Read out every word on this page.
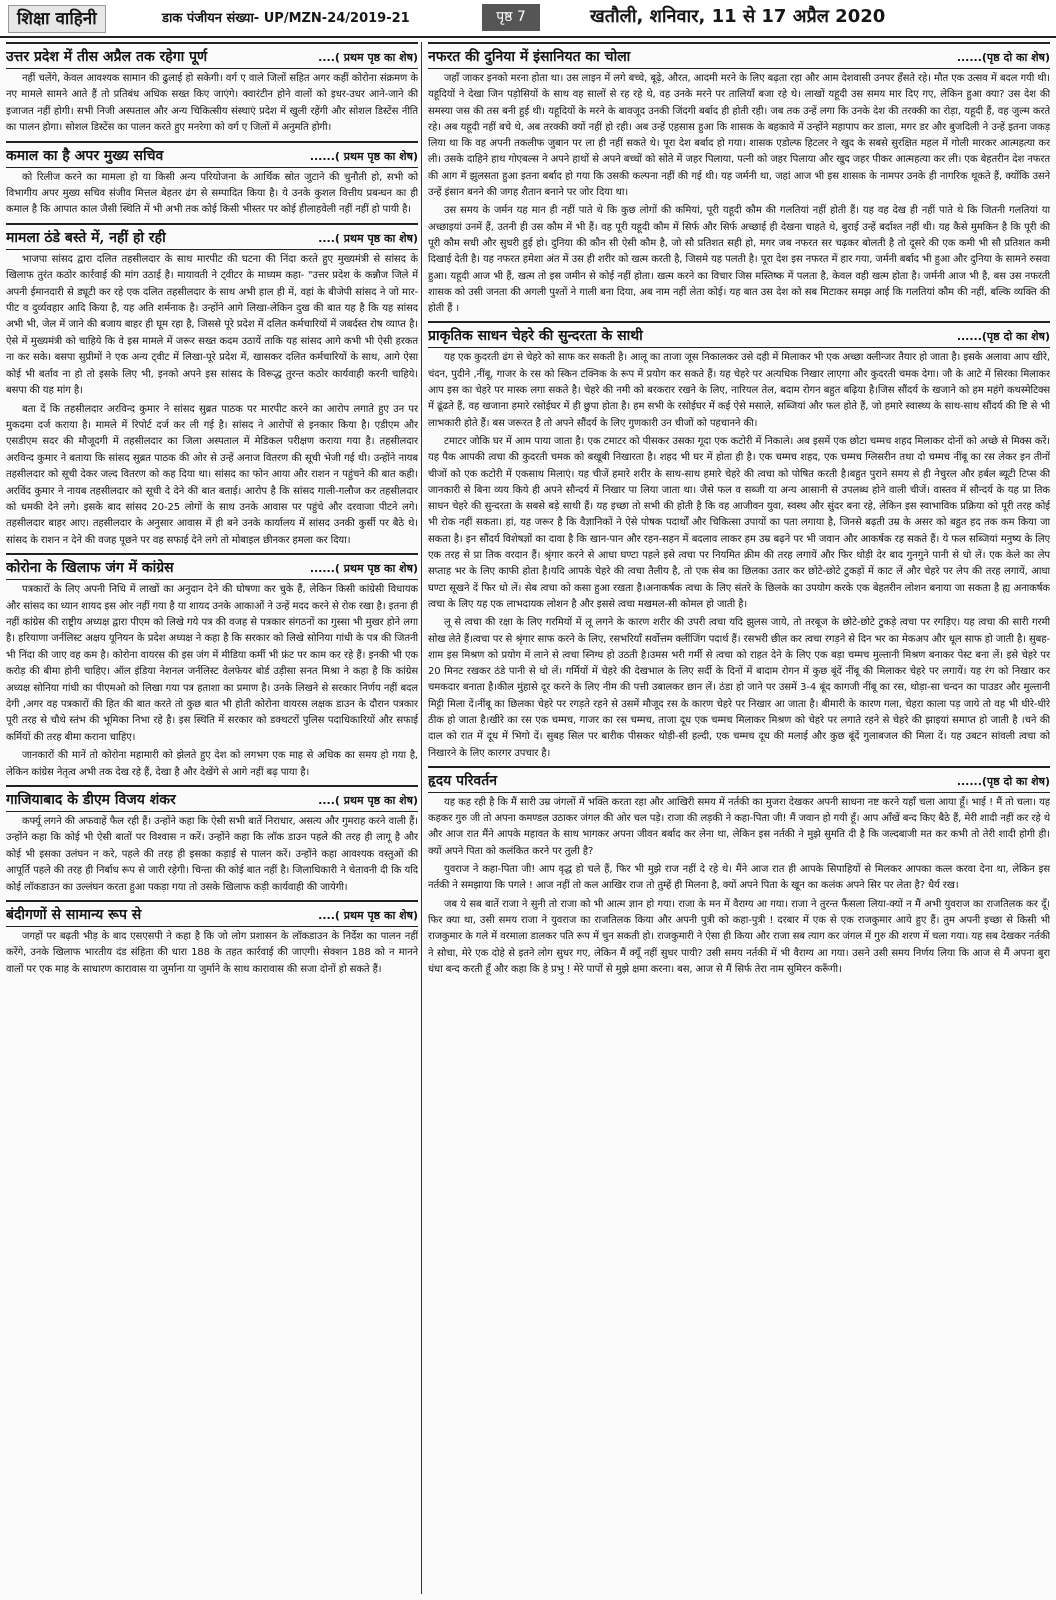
शिक्षा वाहिनी	डाक पंजीयन संख्या- UP/MZN-24/2019-21	पृष्ठ 7	खतौली, शनिवार, 11 से 17 अप्रैल 2020
उत्तर प्रदेश में तीस अप्रैल तक रहेगा पूर्ण	....( प्रथम पृष्ठ का शेष)

नहीं चलेंगे, केवल आवश्यक सामान की ढुलाई हो सकेगी। वर्ग ए वाले जिलों सहित अगर कहीं कोरोना संक्रमण के नए मामले सामने आते हैं तो प्रतिबंध अधिक सख्त किए जाएंगे। क्वारंटीन होने वालों को इधर-उधर आने-जाने की इजाजत नहीं होगी। सभी निजी अस्पताल और अन्य चिकित्सीय संस्थाएं प्रदेश में खुली रहेंगी और सोशल डिस्टेंस नीति का पालन होगा। सोशल डिस्टेंस का पालन करते हुए मनरेगा को वर्ग ए जिलों में अनुमति होगी।

कमाल का है अपर मुख्य सचिव	......( प्रथम पृष्ठ का शेष)

को रिलीज करने का मामला हो या किसी अन्य परियोजना के आर्थिक स्रोत जुटाने की चुनौती हो, सभी को विभागीय अपर मुख्य सचिव संजीव मित्तल बेहतर ढंग से सम्पादित किया है। ये उनके कुशल वित्तीय प्रबन्धन का ही कमाल है कि आपात काल जैसी स्थिति में भी अभी तक कोई किसी भीस्तर पर कोई हीलाहवेली नहीं नहीं हो पायी है।

मामला ठंडे बस्ते में, नहीं हो रही	....( प्रथम पृष्ठ का शेष)

भाजपा सांसद द्वारा दलित तहसीलदार के साथ मारपीट की घटना की निंदा करते हुए मुख्यमंत्री से सांसद के खिलाफ तुरंत कठोर कार्रवाई की मांग उठाई है। मायावती ने ट्वीटर के माध्यम कहा- "उत्तर प्रदेश के कन्नौज जिले में अपनी ईमानदारी से ड्यूटी कर रहे एक दलित तहसीलदार के साथ अभी हाल ही में, वहां के बीजेपी सांसद ने जो मार-पीट व दुर्व्यवहार आदि किया है, यह अति शर्मनाक है। उन्होंने आगे लिखा-लेकिन दुख की बात यह है कि यह सांसद अभी भी, जेल में जाने की बजाय बाहर ही घूम रहा है, जिससे पूरे प्रदेश में दलित कर्मचारियों में जबर्दस्त रोष व्याप्त है। ऐसे में मुख्यमंत्री को चाहिये कि वे इस मामले में जरूर सख्त कदम उठायें ताकि यह सांसद आगे कभी भी ऐसी हरकत ना कर सके। बसपा सुप्रीमों ने एक अन्य ट्वीट में लिखा-पूरे प्रदेश में, खासकर दलित कर्मचारियों के साथ, आगे ऐसा कोई भी बर्ताव ना हो तो इसके लिए भी, इनको अपने इस सांसद के विरूद्ध तुरन्त कठोर कार्यवाही करनी चाहिये। बसपा की यह मांग है।

बता दें कि तहसीलदार अरविन्द कुमार ने सांसद सुब्रत पाठक पर मारपीट करने का आरोप लगाते हुए उन पर मुकदमा दर्ज कराया है। मामले में रिपोर्ट दर्ज कर ली गई है। सांसद ने आरोपों से इनकार किया है। एडीएम और एसडीएम सदर की मौजूदगी में तहसीलदार का जिला अस्पताल में मेडिकल परीक्षण कराया गया है। तहसीलदार अरविन्द कुमार ने बताया कि सांसद सुब्रत पाठक की ओर से उन्हें अनाज वितरण की सूची भेजी गई थी। उन्होंने नायब तहसीलदार को सूची देकर जल्द वितरण को कह दिया था। सांसद का फोन आया और राशन न पहुंचने की बात कही। अरविंद कुमार ने नायब तहसीलदार को सूची दे देने की बात बताई। आरोप है कि सांसद गाली-गलौज कर तहसीलदार को धमकी देने लगे। इसके बाद सांसद 20-25 लोगों के साथ उनके आवास पर पहुंचे और दरवाजा पीटने लगे। तहसीलदार बाहर आए। तहसीलदार के अनुसार आवास में ही बने उनके कार्यालय में सांसद उनकी कुर्सी पर बैठे थे। सांसद के राशन न देने की वजह पूछने पर वह सफाई देने लगे तो मोबाइल छीनकर हमला कर दिया।

कोरोना के खिलाफ जंग में कांग्रेस	......( प्रथम पृष्ठ का शेष)

पत्रकारों के लिए अपनी निधि में लाखों का अनुदान देने की घोषणा कर चुके हैं, लेकिन किसी कांग्रेसी विधायक और सांसद का ध्यान शायद इस ओर नहीं गया है या शायद उनके आकाओं ने उन्हें मदद करने से रोक रखा है। इतना ही नहीं कांग्रेस की राष्ट्रीय अध्यक्ष द्वारा पीएम को लिखे गये पत्र की वजह से पत्रकार संगठनों का गुस्सा भी मुखर होने लगा है। हरियाणा जर्नलिस्ट अक्षय यूनियन के प्रदेश अध्यक्ष ने कहा है कि सरकार को लिखे सोनिया गांधी के पत्र की जितनी भी निंदा की जाए वह कम है। कोरोना वायरस की इस जंग में मीडिया कर्मी भी फ्रंट पर काम कर रहे हैं। इनकी भी एक करोड़ की बीमा होनी चाहिए। ऑल इंडिया नेशनल जर्नलिस्ट वेलफेयर बोर्ड उड़ीसा सनत मिश्रा ने कहा है कि कांग्रेस अध्यक्ष सोनिया गांधी का पीएमओ को लिखा गया पत्र हताशा का प्रमाण है। उनके लिखने से सरकार निर्णय नहीं बदल देगी ,अगर वह पत्रकारों की हित की बात करते तो कुछ बात भी होती कोरोना वायरस लक्षक डाउन के दौरान पत्रकार पूरी तरह से चौथे स्तंभ की भूमिका निभा रहे है। इस स्थिति में सरकार को डक्थटरों पुलिस पदाधिकारियों और सफाई कर्मियों की तरह बीमा कराना चाहिए।

जानकारों की मानें तो कोरोना महामारी को झेलते हुए देश को लगभग एक माह से अधिक का समय हो गया है, लेकिन कांग्रेस नेतृत्व अभी तक देख रहे हैं, देखा है और देखेंगे से आगे नहीं बढ़ पाया है।

गाजियाबाद के डीएम विजय शंकर	....( प्रथम पृष्ठ का शेष)

कर्फ्यू लगने की अफवाहें फैल रही हैं। उन्होंने कहा कि ऐसी सभी बातें निराधार, असत्य और गुमराह करने वाली हैं। उन्होंने कहा कि कोई भी ऐसी बातों पर विश्वास न करें। उन्होंने कहा कि लॉक डाउन पहले की तरह ही लागू है और कोई भी इसका उलंघन न करे, पहले की तरह ही इसका कड़ाई से पालन करें। उन्होंने कहा आवश्यक वस्तुओं की आपूर्ति पहले की तरह ही निर्बाध रूप से जारी रहेगी। चिन्ता की कोई बात नहीं है। जिलाधिकारी ने चेतावनी दी कि यदि कोई लॉकडाउन का उल्लंघन करता हुआ पकड़ा गया तो उसके खिलाफ कड़ी कार्यवाही की जायेगी।

बंदीगणों से सामान्य रूप से	....( प्रथम पृष्ठ का शेष)

जगहों पर बढ़ती भीड़ के बाद एसएसपी ने कहा है कि जो लोग प्रशासन के लॉकडाउन के निर्देश का पालन नहीं करेंगे, उनके खिलाफ भारतीय दंड संहिता की धारा 188 के तहत कार्रवाई की जाएगी। सेक्शन 188 को न मानने वालों पर एक माह के साधारण कारावास या जुर्माना या जुर्माने के साथ कारावास की सजा दोनों हो सकते हैं।

नफरत की दुनिया में इंसानियत का चोला	......(पृष्ठ दो का शेष)

जहाँ जाकर इनको मरना होता था। उस लाइन में लगे बच्चे, बूढ़े, औरत, आदमी मरने के लिए बढ़ता रहा और आम देशवासी उनपर हँसते रहे। मौत एक उत्सव में बदल गयी थी। यहूदियों ने देखा जिन पड़ोसियों के साथ वह सालों से रह रहे थे, वह उनके मरने पर तालियाँ बजा रहे थे। लाखों यहूदी उस समय मार दिए गए, लेकिन हुआ क्या? उस देश की समस्या जस की तस बनी हुई थी। यहूदियों के मरने के बावजूद उनकी जिंदगी बर्बाद ही होती रही। जब तक उन्हें लगा कि उनके देश की तरक्की का रोड़ा, यहूदी हैं, वह जुल्म करते रहे। अब यहूदी नहीं बचे थे, अब तरक्की क्यों नहीं हो रही। अब उन्हें एहसास हुआ कि शासक के बहकावे में उन्होंने महापाप कर डाला, मगर डर और बुजदिली ने उन्हें इतना जकड़ लिया था कि वह अपनी तकलीफ जुबान पर ला ही नहीं सकते थे। पूरा देश बर्बाद हो गया। शासक एडोल्फ हिटलर ने खुद के सबसे सुरक्षित महल में गोली मारकर आत्महत्या कर ली। उसके दाहिने हाथ गोएबल्स ने अपने हाथों से अपने बच्चों को सोते में जहर पिलाया, पत्नी को जहर पिलाया और खुद जहर पीकर आत्महत्या कर ली। एक बेहतरीन देश नफरत की आग में झुलसता हुआ इतना बर्बाद हो गया कि उसकी कल्पना नहीं की गई थी। यह जर्मनी था, जहां आज भी इस शासक के नामपर उनके ही नागरिक थूकते हैं, क्योंकि उसने उन्हें इंसान बनने की जगह शैतान बनाने पर जोर दिया था।

उस समय के जर्मन यह मान ही नहीं पाते थे कि कुछ लोगों की कमियां, पूरी यहूदी कौम की गलतियां नहीं होती हैं। यह वह देख ही नहीं पाते थे कि जितनी गलतियां या अच्छाइयां उनमें हैं, उतनी ही उस कौम में भी हैं। वह पूरी यहूदी कौम में सिर्फ और सिर्फ अच्छाई ही देखना चाहते थे, बुराई उन्हें बर्दाश्त नहीं थी। यह कैसे मुमकिन है कि पूरी की पूरी कौम सधी और सुधरी हुई हो। दुनिया की कौन सी ऐसी कौम है, जो सौ प्रतिशत सही हो, मगर जब नफरत सर चढ़कर बोलती है तो दूसरे की एक कमी भी सौ प्रतिशत कमी दिखाई देती है। यह नफरत हमेशा अंत में उस ही शरीर को खत्म करती है, जिसमे यह पलती है। पूरा देश इस नफरत में हार गया, जर्मनी बर्बाद भी हुआ और दुनिया के सामने रुसवा हुआ। यहूदी आज भी हैं, खत्म तो इस जमीन से कोई नहीं होता। खत्म करने का विचार जिस मस्तिष्क में पलता है, केवल वही खत्म होता है। जर्मनी आज भी है, बस उस नफरती शासक को उसी जनता की अगली पुश्तों ने गाली बना दिया, अब नाम नहीं लेता कोई। यह बात उस देश को सब मिटाकर समझ आई कि गलतियां कौम की नहीं, बल्कि व्यक्ति की होती हैं ।

प्राकृतिक साधन चेहरे की सुन्दरता के साथी	......(पृष्ठ दो का शेष)

यह एक कुदरती ढंग से चेहरे को साफ कर सकती है। आलू का ताजा जूस निकालकर उसे दही में मिलाकर भी एक अच्छा क्लीन्जर तैयार हो जाता है। इसके अलावा आप खीरे, चंदन, पुदीने ,नींबू, गाजर के रस को स्किन टक्निक के रूप में प्रयोग कर सकते हैं। यह चेहरे पर अत्यधिक निखार लाएगा और कुदरती चमक देगा। जौ के आटे में सिरका मिलाकर आप इस का चेहरे पर मास्क लगा सकते है। चेहरे की नमी को बरकरार रखने के लिए, नारियल तेल, बदाम रोगन बहुत बढ़िया है।जिस सौंदर्य के खजाने को हम महंगे कथस्मेटिक्स में ढूंढते हैं, वह खजाना हमारे रसोईघर में ही छुपा होता है। हम सभी के रसोईघर में कई ऐसे मसाले, सब्जियां और फल होते हैं, जो हमारे स्वास्थ्य के साथ-साथ सौंदर्य की ष्टि से भी लाभकारी होते हैं। बस जरूरत है तो अपने सौंदर्य के लिए गुणकारी उन चीजों को पहचानने की।

टमाटर जोकि घर में आम पाया जाता है। एक टमाटर को पीसकर उसका गूदा एक कटोरी में निकाले। अब इसमें एक छोटा चम्मच शहद मिलाकर दोनों को अच्छे से मिक्स करें। यह पैक आपकी त्वचा की कुदरती चमक को बखूबी निखारता है। शहद भी घर में होता ही है। एक चम्मच शहद, एक चम्मच ग्लिसरीन तथा दो चम्मच नींबू का रस लेकर इन तीनों चीजों को एक कटोरी में एकसाथ मिलाएं। यह चीजें हमारे शरीर के साथ-साथ हमारे चेहरे की त्वचा को पोषित करती है।बहुत पुराने समय से ही नेचुरल और हर्बल ब्यूटी टिप्स की जानकारी से बिना व्यय किये ही अपने सौन्दर्य में निखार पा लिया जाता था। जैसे फल व सब्जी या अन्य आसानी से उपलब्ध होने वाली चीजें। वास्तव में सौन्दर्य के यह प्रा तिक साधन चेहरे की सुन्दरता के सबसे बड़े साथी हैं। यह इच्छा तो सभी की होती है कि वह आजीवन युवा, स्वस्थ और सुंदर बना रहे, लेकिन इस स्वाभाविक प्रक्रिया को पूरी तरह कोई भी रोक नहीं सकता। हां, यह जरूर है कि वैज्ञानिकों ने ऐसे पोषक पदार्थों और चिकित्सा उपायों का पता लगाया है, जिनसे बढ़ती उम्र के असर को बहुत हद तक कम किया जा सकता है। इन सौंदर्य विशेषज्ञों का दावा है कि खान-पान और रहन-सहन में बदलाव लाकर हम उम्र बढ़ने पर भी जवान और आकर्षक रह सकते हैं। ये फल सब्जियां मनुष्य के लिए एक तरह से प्रा तिक वरदान हैं। श्रृंगार करने से आधा घण्टा पहले इसे त्वचा पर नियमित क्रीम की तरह लगायें और फिर थोड़ी देर बाद गुनगुने पानी से धो लें। एक केले का लेप सप्ताह भर के लिए काफी होता है।यदि आपके चेहरे की त्वचा तैलीय है, तो एक सेब का छिलका उतार कर छोटे-छोटे टुकड़ों में काट लें और चेहरे पर लेप की तरह लगायें, आधा घण्टा सूखने दें फिर धो लें। सेब त्वचा को कसा हुआ रखता है।अनाकर्षक त्वचा के लिए संतरे के छिलके का उपयोग करके एक बेहतरीन लोशन बनाया जा सकता है ह्य अनाकर्षक त्वचा के लिए यह एक लाभदायक लोशन है और इससे त्वचा मखमल-सी कोमल हो जाती है।

लू से त्वचा की रक्षा के लिए गरमियों में लू लगने के कारण शरीर की उपरी त्वचा यदि झुलस जाये, तो तरबूज के छोटे-छोटे टुकड़े त्वचा पर रगड़िए। यह त्वचा की सारी गरमी सोख लेते हैं।त्वचा पर से श्रृंगार साफ करने के लिए, रसभरियाँ सर्वोत्तम क्लींजिंग पदार्थ हैं। रसभरी छील कर त्वचा रगड़ने से दिन भर का मेकअप और धूल साफ हो जाती है। सुबह-शाम इस मिश्रण को प्रयोग में लाने से त्वचा स्निग्ध हो उठती है।उमस भरी गर्मी से त्वचा को राहत देने के लिए एक बड़ा चम्मच मुल्तानी मिश्रण बनाकर पेस्ट बना लें। इसे चेहरे पर 20 मिनट रखकर ठंडे पानी से धो लें। गर्मियों में चेहरे की देखभाल के लिए सर्दी के दिनों में बादाम रोगन में कुछ बूंदें नींबू की मिलाकर चेहरे पर लगायें। यह रंग को निखार कर चमकदार बनाता है।कील मुंहासे दूर करने के लिए नीम की पत्ती उबालकर छान लें। ठंडा हो जाने पर उसमें 3-4 बूंद कागजी नींबू का रस, थोड़ा-सा चन्दन का पाउडर और मुल्तानी मिट्टी मिला दें।नींबू का छिलका चेहरे पर रगड़ते रहने से उसमें मौजूद रस के कारण चेहरे पर निखार आ जाता है। बीमारी के कारण गला, चेहरा काला पड़ जाये तो वह भी धीरे-धीरे ठीक हो जाता है।खीरे का रस एक चम्मच, गाजर का रस चम्मच, ताजा दूध एक चम्मच मिलाकर मिश्रण को चेहरे पर लगाते रहने से चेहरे की झाइयां समाप्त हो जाती है ।चने की दाल को रात में दूध में भिगो दें। सुबह सिल पर बारीक पीसकर थोड़ी-सी हल्दी, एक चम्मच दूध की मलाई और कुछ बूंदें गुलाबजल की मिला दें। यह उबटन सांवली त्वचा को निखारने के लिए कारगर उपचार है।

हृदय परिवर्तन	......(पृष्ठ दो का शेष)

यह कह रही है कि मैं सारी उम्र जंगलों में भक्ति करता रहा और आखिरी समय में नर्तकी का मुजरा देखकर अपनी साधना नष्ट करने यहाँ चला आया हूँ। भाई ! मैं तो चला। यह कहकर गुरु जी तो अपना कमण्डल उठाकर जंगल की ओर चल पड़े। राजा की लड़की ने कहा-पिता जी! मैं जवान हो गयी हूँ। आप आँखें बन्द किए बैठे हैं, मेरी शादी नहीं कर रहे थे और आज रात मैंने आपके महावत के साथ भागकर अपना जीवन बर्बाद कर लेना था, लेकिन इस नर्तकी ने मुझे सुमति दी है कि जल्दबाजी मत कर कभी तो तेरी शादी होगी ही। क्यों अपने पिता को कलंकित करने पर तुली है?

युवराज ने कहा-पिता जी! आप वृद्ध हो चले हैं, फिर भी मुझे राज नहीं दे रहे थे। मैंने आज रात ही आपके सिपाहियों से मिलकर आपका कत्ल करवा देना था, लेकिन इस नर्तकी ने समझाया कि पगले ! आज नहीं तो कल आखिर राज तो तुम्हें ही मिलना है, क्यों अपने पिता के खून का कलंक अपने सिर पर लेता है? धैर्य रख।

जब ये सब बातें राजा ने सुनी तो राजा को भी आत्म ज्ञान हो गया। राजा के मन में वैराग्य आ गया। राजा ने तुरन्त फैंसला लिया-क्यों न मैं अभी युवराज का राजतिलक कर दूँ। फिर क्या था, उसी समय राजा ने युवराज का राजतिलक किया और अपनी पुत्री को कहा-पुत्री ! दरबार में एक से एक राजकुमार आये हुए हैं। तुम अपनी इच्छा से किसी भी राजकुमार के गले में वरमाला डालकर पति रूप में चुन सकती हो। राजकुमारी ने ऐसा ही किया और राजा सब त्याग कर जंगल में गुरु की शरण में चला गया। यह सब देखकर नर्तकी ने सोचा, मेरे एक दोहे से इतने लोग सुधर गए, लेकिन मैं क्यूँ नहीं सुधर पायी? उसी समय नर्तकी में भी वैराग्य आ गया। उसने उसी समय निर्णय लिया कि आज से मैं अपना बुरा धंधा बन्द करती हूँ और कहा कि हे प्रभु ! मेरे पापों से मुझे क्षमा करना। बस, आज से मैं सिर्फ तेरा नाम सुमिरन करूँगी।
